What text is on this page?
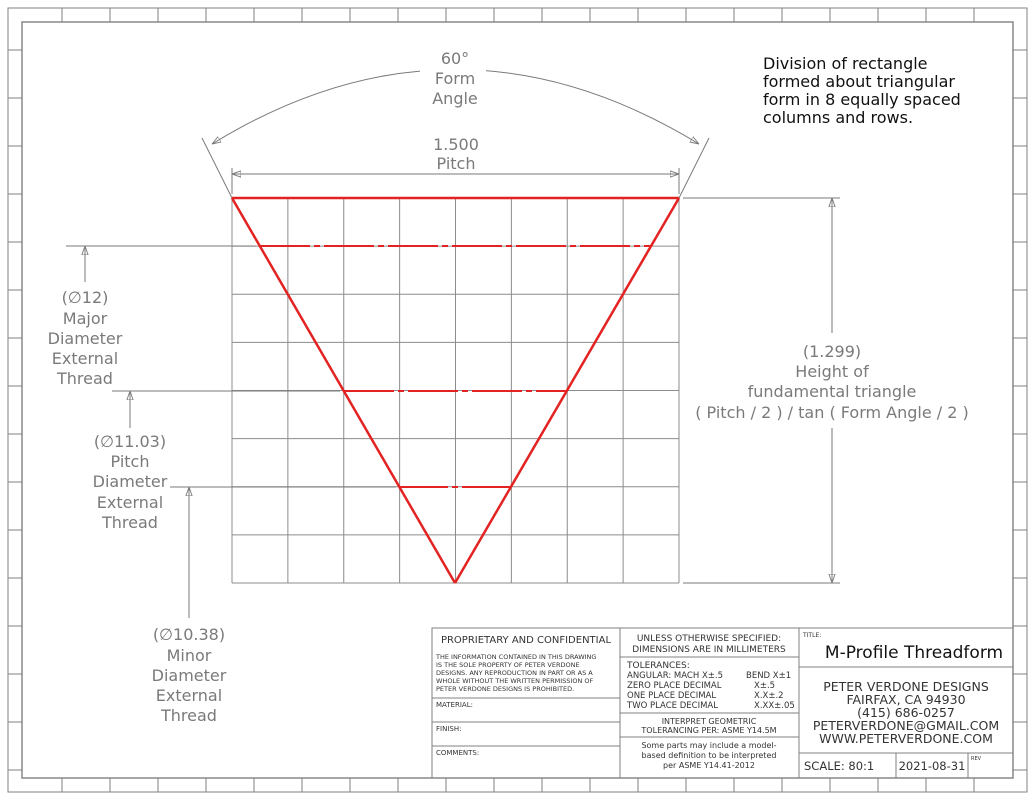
60°
Form
Angle
1.500
Pitch
(1.299)
Height of
fundamental triangle
( Pitch / 2 ) / tan ( Form Angle / 2 )
(∅12)
Major
Diameter
External
Thread
(∅11.03)
Pitch
Diameter
External
Thread
(∅10.38)
Minor
Diameter
External
Thread
Division of rectangle
formed about triangular
form in 8 equally spaced
columns and rows.
PROPRIETARY AND CONFIDENTIAL
THE INFORMATION CONTAINED IN THIS DRAWING
IS THE SOLE PROPERTY OF PETER VERDONE
DESIGNS. ANY REPRODUCTION IN PART OR AS A
WHOLE WITHOUT THE WRITTEN PERMISSION OF
PETER VERDONE DESIGNS IS PROHIBITED.
MATERIAL:
FINISH:
COMMENTS:
UNLESS OTHERWISE SPECIFIED:
DIMENSIONS ARE IN MILLIMETERS
TOLERANCES:
ANGULAR: MACH X±.5	BEND X±1
ZERO PLACE DECIMAL	X±.5
ONE PLACE DECIMAL	X.X±.2
TWO PLACE DECIMAL	X.XX±.05
INTERPRET GEOMETRIC
TOLERANCING PER: ASME Y14.5M
Some parts may include a model-
based definition to be interpreted
per ASME Y14.41-2012
TITLE:
M-Profile Threadform
PETER VERDONE DESIGNS
FAIRFAX, CA 94930
(415) 686-0257
PETERVERDONE@GMAIL.COM
WWW.PETERVERDONE.COM
SCALE: 80:1 2021-08-31 REV
